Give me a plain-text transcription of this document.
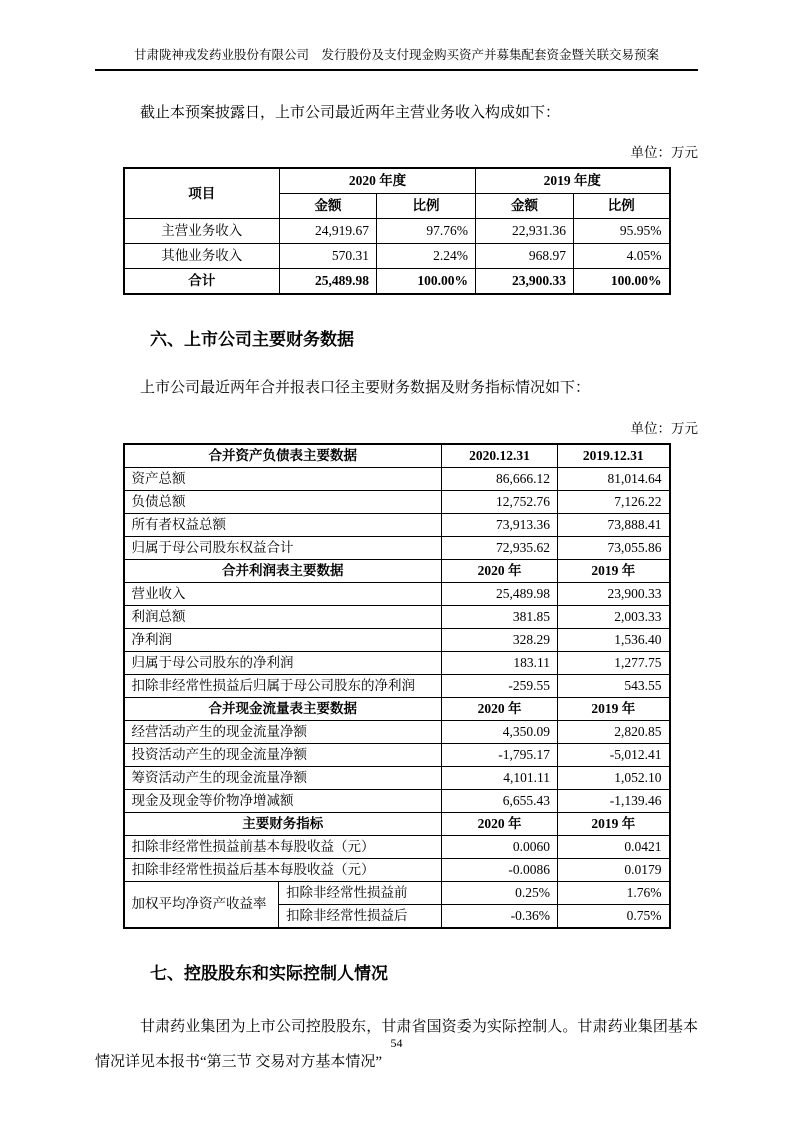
甘肃陇神戎发药业股份有限公司　发行股份及支付现金购买资产并募集配套资金暨关联交易预案

截止本预案披露日，上市公司最近两年主营业务收入构成如下：

单位：万元
项目	2020 年度		2019 年度	
	金额	比例	金额	比例
主营业务收入	24,919.67	97.76%	22,931.36	95.95%
其他业务收入	570.31	2.24%	968.97	4.05%
合计	25,489.98	100.00%	23,900.33	100.00%
六、上市公司主要财务数据

上市公司最近两年合并报表口径主要财务数据及财务指标情况如下：

单位：万元
合并资产负债表主要数据		2020.12.31	2019.12.31
资产总额		86,666.12	81,014.64
负债总额		12,752.76	7,126.22
所有者权益总额		73,913.36	73,888.41
归属于母公司股东权益合计		72,935.62	73,055.86
合并利润表主要数据		2020 年	2019 年
营业收入		25,489.98	23,900.33
利润总额		381.85	2,003.33
净利润		328.29	1,536.40
归属于母公司股东的净利润		183.11	1,277.75
扣除非经常性损益后归属于母公司股东的净利润		-259.55	543.55
合并现金流量表主要数据		2020 年	2019 年
经营活动产生的现金流量净额		4,350.09	2,820.85
投资活动产生的现金流量净额		-1,795.17	-5,012.41
筹资活动产生的现金流量净额		4,101.11	1,052.10
现金及现金等价物净增减额		6,655.43	-1,139.46
主要财务指标		2020 年	2019 年
扣除非经常性损益前基本每股收益（元）		0.0060	0.0421
扣除非经常性损益后基本每股收益（元）		-0.0086	0.0179
加权平均净资产收益率	扣除非经常性损益前	0.25%	1.76%
	扣除非经常性损益后	-0.36%	0.75%
七、控股股东和实际控制人情况

甘肃药业集团为上市公司控股股东，甘肃省国资委为实际控制人。甘肃药业集团基本情况详见本报书“第三节 交易对方基本情况”

54
